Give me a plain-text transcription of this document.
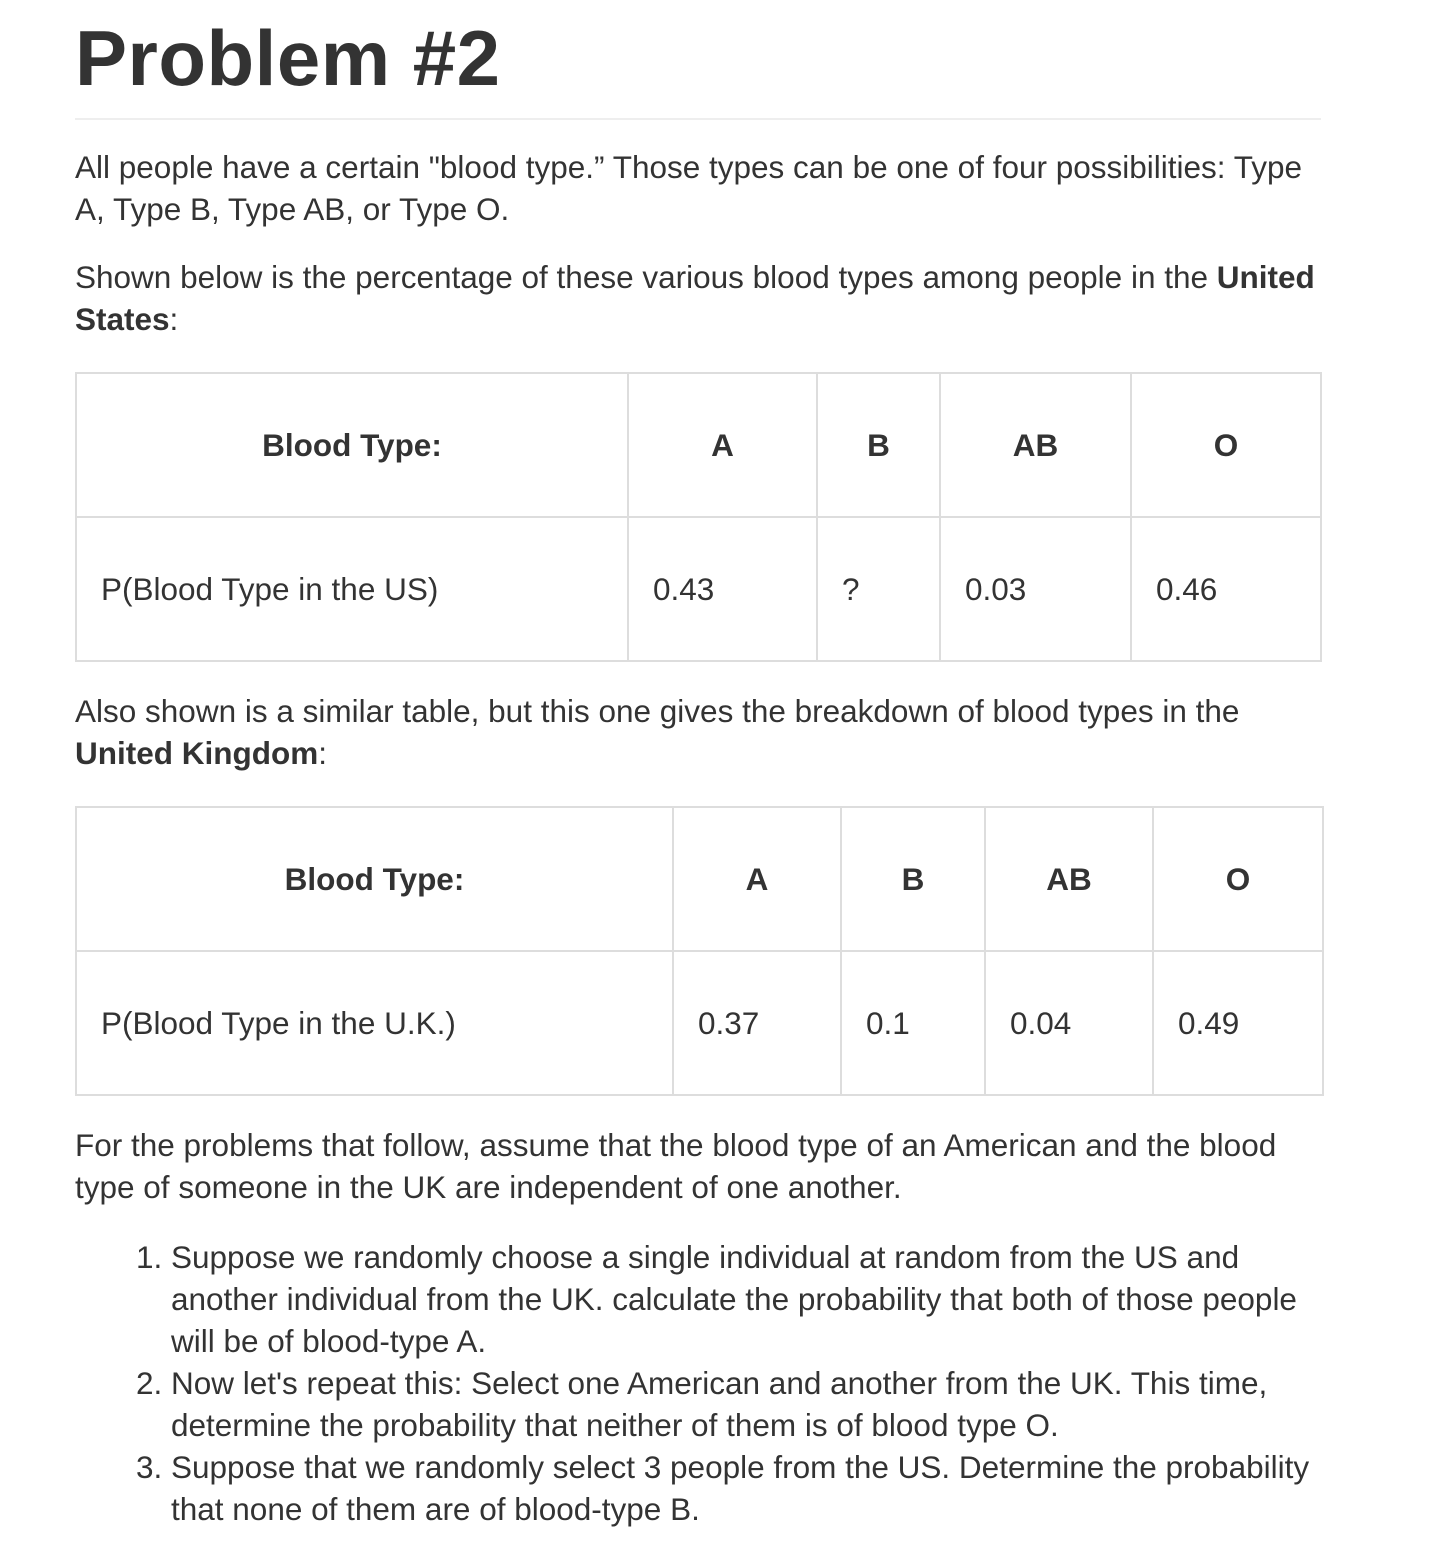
Problem #2

All people have a certain "blood type.” Those types can be one of four possibilities: Type A, Type B, Type AB, or Type O.

Shown below is the percentage of these various blood types among people in the United States:

Blood Type:	A	B	AB	O
P(Blood Type in the US)	0.43	?	0.03	0.46

Also shown is a similar table, but this one gives the breakdown of blood types in the United Kingdom:

Blood Type:	A	B	AB	O
P(Blood Type in the U.K.)	0.37	0.1	0.04	0.49

For the problems that follow, assume that the blood type of an American and the blood type of someone in the UK are independent of one another.

1. Suppose we randomly choose a single individual at random from the US and another individual from the UK. calculate the probability that both of those people will be of blood-type A.
2. Now let's repeat this: Select one American and another from the UK. This time, determine the probability that neither of them is of blood type O.
3. Suppose that we randomly select 3 people from the US. Determine the probability that none of them are of blood-type B.
